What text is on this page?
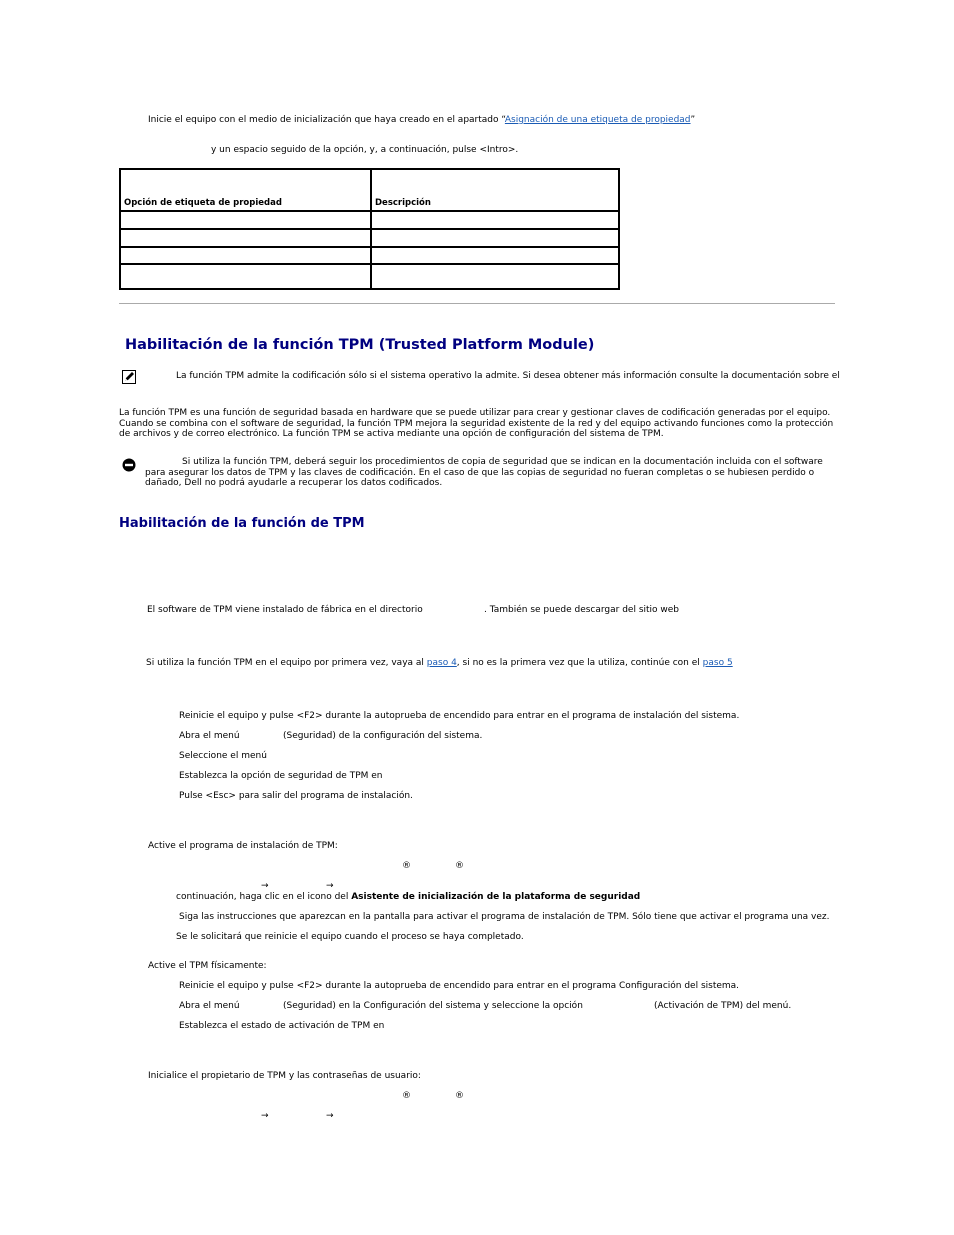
Inicie el equipo con el medio de inicialización que haya creado en el apartado “Asignación de una etiqueta de propiedad”
y un espacio seguido de la opción, y, a continuación, pulse <Intro>.
Opción de etiqueta de propiedad	Descripción

Habilitación de la función TPM (Trusted Platform Module)
La función TPM admite la codificación sólo si el sistema operativo la admite. Si desea obtener más información consulte la documentación sobre el
La función TPM es una función de seguridad basada en hardware que se puede utilizar para crear y gestionar claves de codificación generadas por el equipo.
Cuando se combina con el software de seguridad, la función TPM mejora la seguridad existente de la red y del equipo activando funciones como la protección
de archivos y de correo electrónico. La función TPM se activa mediante una opción de configuración del sistema de TPM.
Si utiliza la función TPM, deberá seguir los procedimientos de copia de seguridad que se indican en la documentación incluida con el software
para asegurar los datos de TPM y las claves de codificación. En el caso de que las copias de seguridad no fueran completas o se hubiesen perdido o
dañado, Dell no podrá ayudarle a recuperar los datos codificados.
Habilitación de la función de TPM
El software de TPM viene instalado de fábrica en el directorio	. También se puede descargar del sitio web
Si utiliza la función TPM en el equipo por primera vez, vaya al paso 4, si no es la primera vez que la utiliza, continúe con el paso 5
Reinicie el equipo y pulse <F2> durante la autoprueba de encendido para entrar en el programa de instalación del sistema.
Abra el menú	(Seguridad) de la configuración del sistema.
Seleccione el menú
Establezca la opción de seguridad de TPM en
Pulse <Esc> para salir del programa de instalación.
Active el programa de instalación de TPM:
®	®
→	→
continuación, haga clic en el icono del Asistente de inicialización de la plataforma de seguridad
Siga las instrucciones que aparezcan en la pantalla para activar el programa de instalación de TPM. Sólo tiene que activar el programa una vez.
Se le solicitará que reinicie el equipo cuando el proceso se haya completado.
Active el TPM físicamente:
Reinicie el equipo y pulse <F2> durante la autoprueba de encendido para entrar en el programa Configuración del sistema.
Abra el menú	(Seguridad) en la Configuración del sistema y seleccione la opción	(Activación de TPM) del menú.
Establezca el estado de activación de TPM en
Inicialice el propietario de TPM y las contraseñas de usuario:
®	®
→	→
